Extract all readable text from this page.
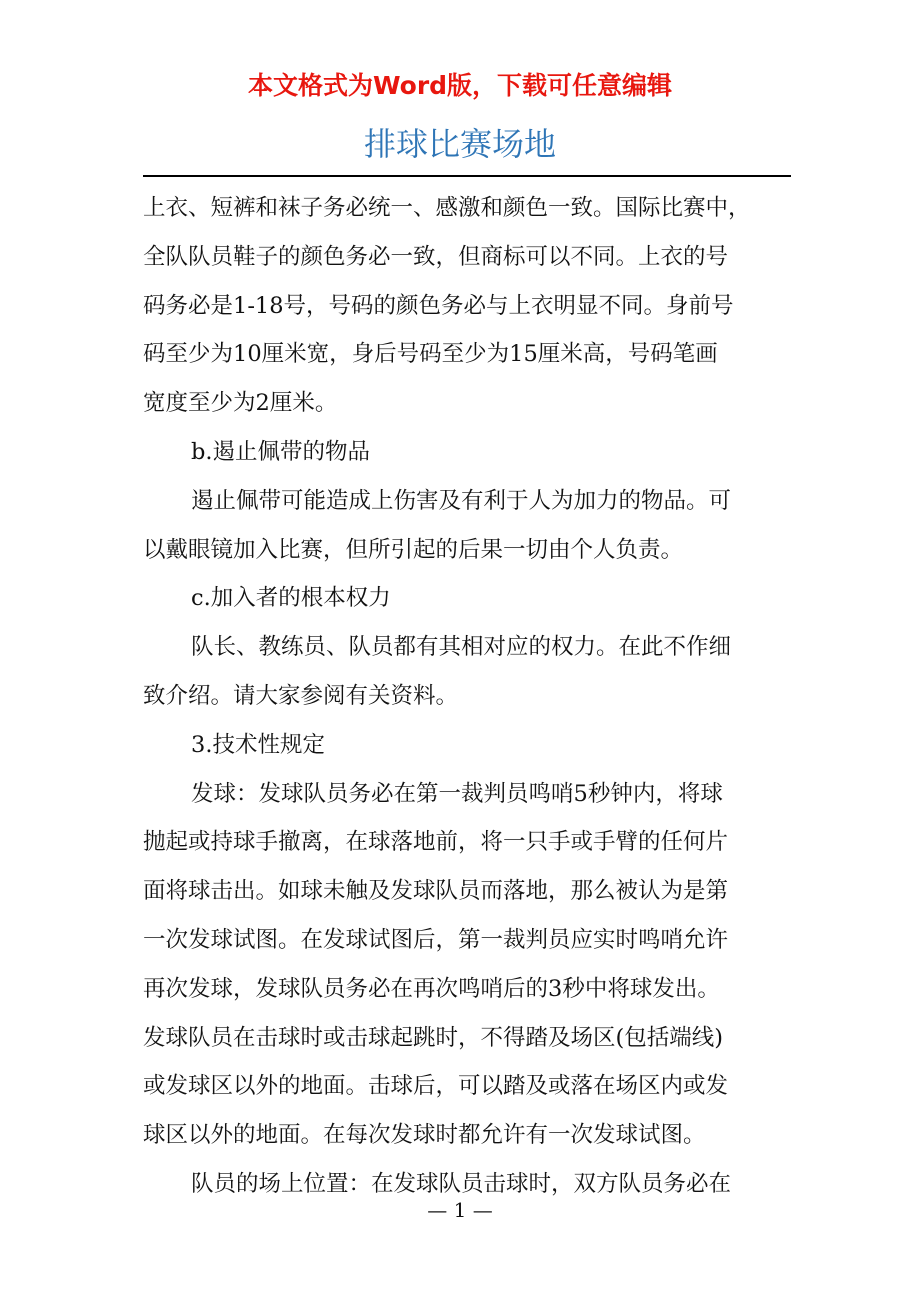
本文格式为Word版，下载可任意编辑

排球比赛场地
上衣、短裤和袜子务必统一、感激和颜色一致。国际比赛中，
全队队员鞋子的颜色务必一致，但商标可以不同。上衣的号
码务必是1-18号，号码的颜色务必与上衣明显不同。身前号
码至少为10厘米宽，身后号码至少为15厘米高，号码笔画
宽度至少为2厘米。
b.遏止佩带的物品
遏止佩带可能造成上伤害及有利于人为加力的物品。可
以戴眼镜加入比赛，但所引起的后果一切由个人负责。
c.加入者的根本权力
队长、教练员、队员都有其相对应的权力。在此不作细
致介绍。请大家参阅有关资料。
3.技术性规定
发球：发球队员务必在第一裁判员鸣哨5秒钟内，将球
抛起或持球手撤离，在球落地前，将一只手或手臂的任何片
面将球击出。如球未触及发球队员而落地，那么被认为是第
一次发球试图。在发球试图后，第一裁判员应实时鸣哨允许
再次发球，发球队员务必在再次鸣哨后的3秒中将球发出。
发球队员在击球时或击球起跳时，不得踏及场区(包括端线)
或发球区以外的地面。击球后，可以踏及或落在场区内或发
球区以外的地面。在每次发球时都允许有一次发球试图。
队员的场上位置：在发球队员击球时，双方队员务必在

— 1 —
